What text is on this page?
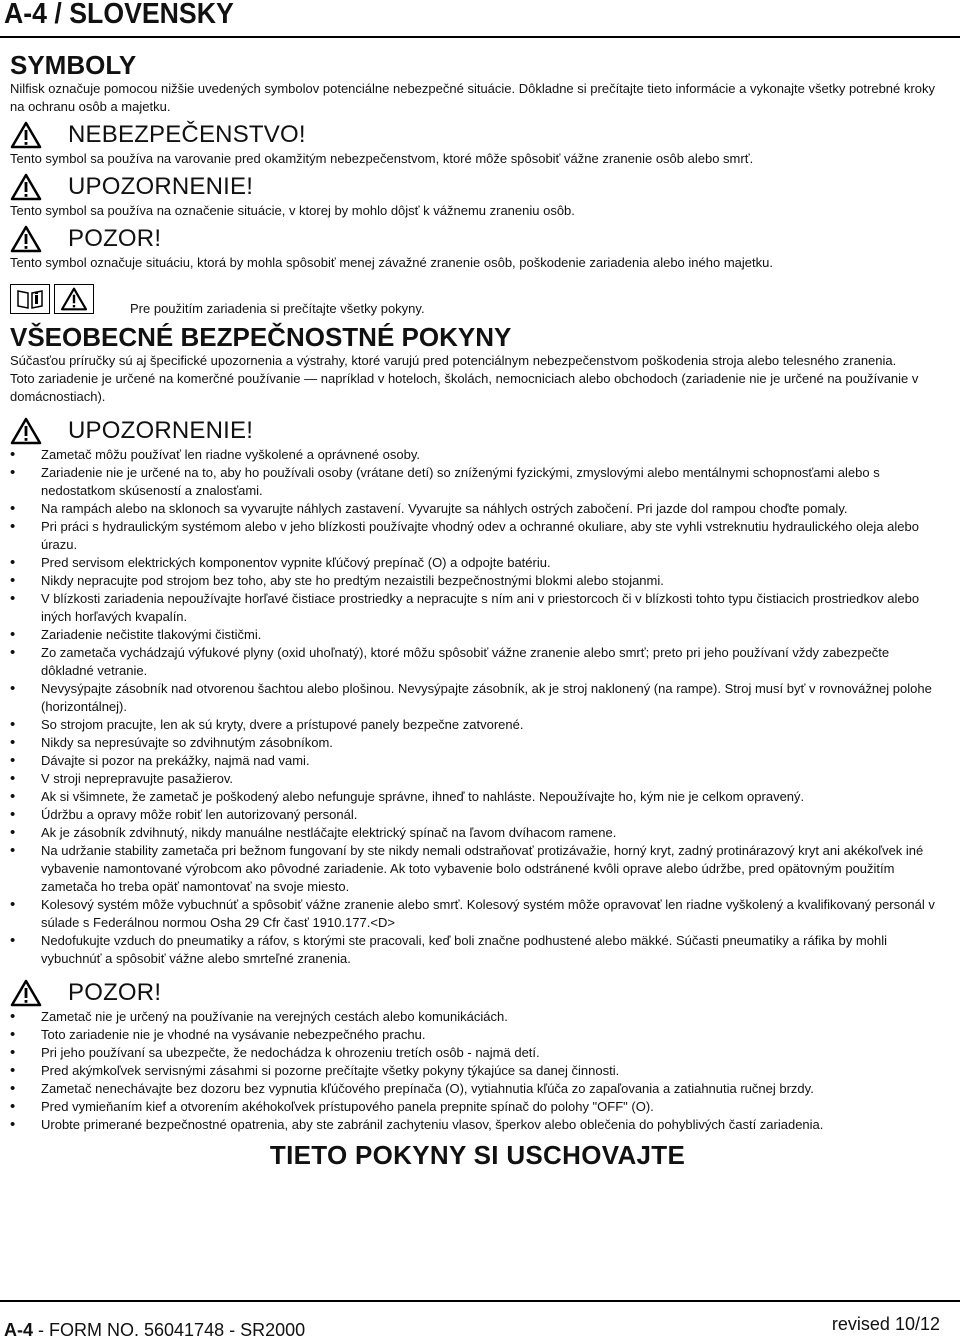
A-4 / SLOVENSKY
SYMBOLY

Nilfisk označuje pomocou nižšie uvedených symbolov potenciálne nebezpečné situácie. Dôkladne si prečítajte tieto informácie a vykonajte všetky potrebné kroky na ochranu osôb a majetku.

NEBEZPEČENSTVO!

Tento symbol sa používa na varovanie pred okamžitým nebezpečenstvom, ktoré môže spôsobiť vážne zranenie osôb alebo smrť.

UPOZORNENIE!

Tento symbol sa používa na označenie situácie, v ktorej by mohlo dôjsť k vážnemu zraneniu osôb.

POZOR!

Tento symbol označuje situáciu, ktorá by mohla spôsobiť menej závažné zranenie osôb, poškodenie zariadenia alebo iného majetku.

Pre použitím zariadenia si prečítajte všetky pokyny.
VŠEOBECNÉ BEZPEČNOSTNÉ POKYNY

Súčasťou príručky sú aj špecifické upozornenia a výstrahy, ktoré varujú pred potenciálnym nebezpečenstvom poškodenia stroja alebo telesného zranenia.

Toto zariadenie je určené na komerčné používanie — napríklad v hoteloch, školách, nemocniciach alebo obchodoch (zariadenie nie je určené na používanie v domácnostiach).

UPOZORNENIE!
• Zametač môžu používať len riadne vyškolené a oprávnené osoby.
• Zariadenie nie je určené na to, aby ho používali osoby (vrátane detí) so zníženými fyzickými, zmyslovými alebo mentálnymi schopnosťami alebo s nedostatkom skúseností a znalosťami.
• Na rampách alebo na sklonoch sa vyvarujte náhlych zastavení. Vyvarujte sa náhlych ostrých zabočení. Pri jazde dol rampou choďte pomaly.
• Pri práci s hydraulickým systémom alebo v jeho blízkosti používajte vhodný odev a ochranné okuliare, aby ste vyhli vstreknutiu hydraulického oleja alebo úrazu.
• Pred servisom elektrických komponentov vypnite kľúčový prepínač (O) a odpojte batériu.
• Nikdy nepracujte pod strojom bez toho, aby ste ho predtým nezaistili bezpečnostnými blokmi alebo stojanmi.
• V blízkosti zariadenia nepoužívajte horľavé čistiace prostriedky a nepracujte s ním ani v priestorcoch či v blízkosti tohto typu čistiacich prostriedkov alebo iných horľavých kvapalín.
• Zariadenie nečistite tlakovými čističmi.
• Zo zametača vychádzajú výfukové plyny (oxid uhoľnatý), ktoré môžu spôsobiť vážne zranenie alebo smrť; preto pri jeho používaní vždy zabezpečte dôkladné vetranie.
• Nevysýpajte zásobník nad otvorenou šachtou alebo plošinou. Nevysýpajte zásobník, ak je stroj naklonený (na rampe). Stroj musí byť v rovnovážnej polohe (horizontálnej).
• So strojom pracujte, len ak sú kryty, dvere a prístupové panely bezpečne zatvorené.
• Nikdy sa nepresúvajte so zdvihnutým zásobníkom.
• Dávajte si pozor na prekážky, najmä nad vami.
• V stroji neprepravujte pasažierov.
• Ak si všimnete, že zametač je poškodený alebo nefunguje správne, ihneď to nahláste. Nepoužívajte ho, kým nie je celkom opravený.
• Údržbu a opravy môže robiť len autorizovaný personál.
• Ak je zásobník zdvihnutý, nikdy manuálne nestláčajte elektrický spínač na ľavom dvíhacom ramene.
• Na udržanie stability zametača pri bežnom fungovaní by ste nikdy nemali odstraňovať protizávažie, horný kryt, zadný protinárazový kryt ani akékoľvek iné vybavenie namontované výrobcom ako pôvodné zariadenie. Ak toto vybavenie bolo odstránené kvôli oprave alebo údržbe, pred opätovným použitím zametača ho treba opäť namontovať na svoje miesto.
• Kolesový systém môže vybuchnúť a spôsobiť vážne zranenie alebo smrť. Kolesový systém môže opravovať len riadne vyškolený a kvalifikovaný personál v súlade s Federálnou normou Osha 29 Cfr časť 1910.177.<D>
• Nedofukujte vzduch do pneumatiky a ráfov, s ktorými ste pracovali, keď boli značne podhustené alebo mäkké. Súčasti pneumatiky a ráfika by mohli vybuchnúť a spôsobiť vážne alebo smrteľné zranenia.
POZOR!
• Zametač nie je určený na používanie na verejných cestách alebo komunikáciách.
• Toto zariadenie nie je vhodné na vysávanie nebezpečného prachu.
• Pri jeho používaní sa ubezpečte, že nedochádza k ohrozeniu tretích osôb - najmä detí.
• Pred akýmkoľvek servisnými zásahmi si pozorne prečítajte všetky pokyny týkajúce sa danej činnosti.
• Zametač nenechávajte bez dozoru bez vypnutia kľúčového prepínača (O), vytiahnutia kľúča zo zapaľovania a zatiahnutia ručnej brzdy.
• Pred vymieňaním kief a otvorením akéhokoľvek prístupového panela prepnite spínač do polohy "OFF" (O).
• Urobte primerané bezpečnostné opatrenia, aby ste zabránil zachyteniu vlasov, šperkov alebo oblečenia do pohyblivých častí zariadenia.
TIETO POKYNY SI USCHOVAJTE
A-4 - FORM NO. 56041748 - SR2000	revised 10/12
